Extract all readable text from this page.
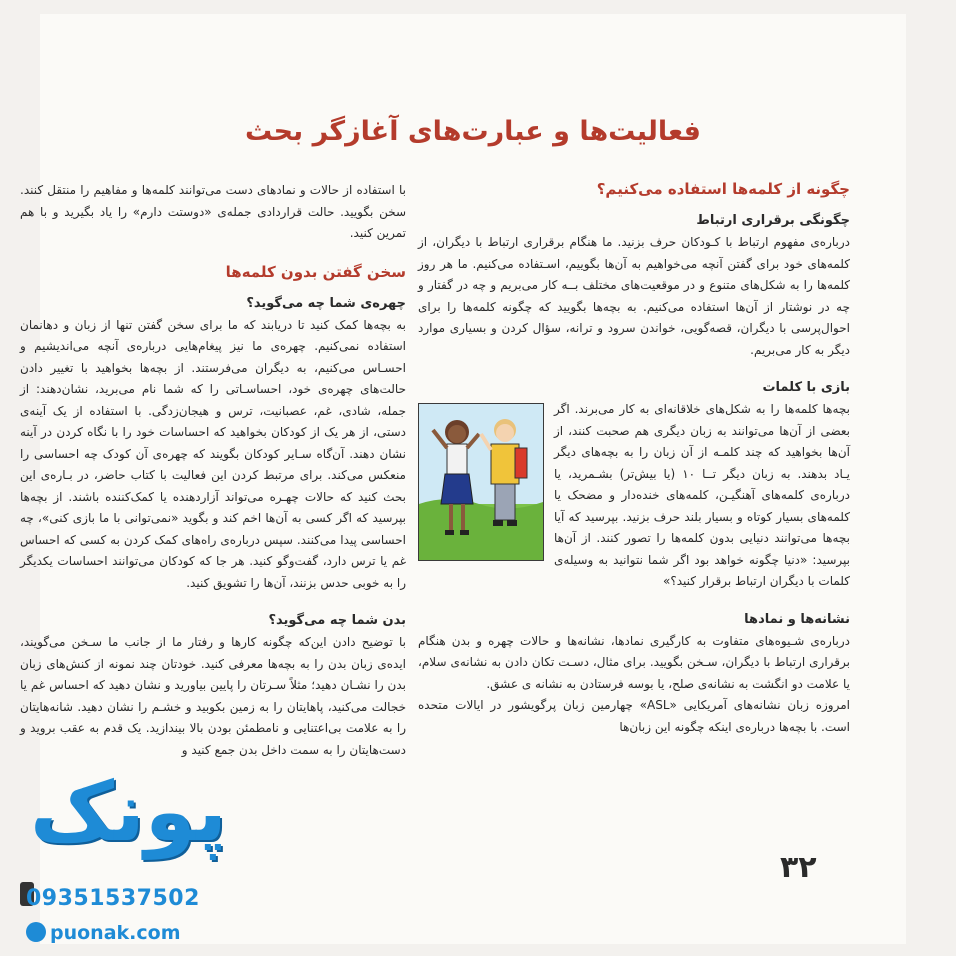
فعالیت‌ها و عبارت‌های آغازگر بحث
چگونه از کلمه‌ها استفاده می‌کنیم؟
چگونگی برقراری ارتباط

درباره‌ی مفهوم ارتباط با کـودکان حرف بزنید. ما هنگام برقراری ارتباط با دیگران، از کلمه‌های خود برای گفتن آنچه می‌خواهیم به آن‌ها بگوییم، اسـتفاده می‌کنیم. ما هر روز کلمه‌ها را به شکل‌های متنوع و در موقعیت‌های مختلف بــه کار می‌بریم و چه در گفتار و چه در نوشتار از آن‌ها استفاده می‌کنیم. به بچه‌ها بگویید که چگونه کلمه‌ها را برای احوال‌پرسی با دیگران، قصه‌گویی، خواندن سرود و ترانه، سؤال کردن و بسیاری موارد دیگر به کار می‌بریم.

بازی با کلمات

بچه‌ها کلمه‌ها را به شکل‌های خلاقانه‌ای به کار می‌برند. اگر بعضی از آن‌ها می‌توانند به زبان دیگری هم صحبت کنند، از آن‌ها بخواهید که چند کلمـه از آن زبان را به بچه‌های دیگر یـاد بدهند. به زبان دیگر تــا ۱۰ (یا بیش‌تر) بشـمرید، یا درباره‌ی کلمه‌های آهنگیـن، کلمه‌های خنده‌دار و مضحک یا کلمه‌های بسیار کوتاه و بسیار بلند حرف بزنید. بپرسید که آیا بچه‌ها می‌توانند دنیایی بدون کلمه‌ها را تصور کنند. از آن‌ها بپرسید: «دنیا چگونه خواهد بود اگر شما نتوانید به وسیله‌ی کلمات با دیگران ارتباط برقرار کنید؟»

نشانه‌ها و نمادها

درباره‌ی شـیوه‌های متفاوت به کارگیری نمادها، نشانه‌ها و حالات چهره و بدن هنگام برقراری ارتباط با دیگران، سـخن بگویید. برای مثال، دسـت تکان دادن به نشانه‌ی سلام، یا علامت دو انگشت به نشانه‌ی صلح، یا بوسه فرستادن به نشانه ی عشق.

امروزه زبان نشانه‌های آمریکایی «ASL» چهارمین زبان پرگویشور در ایالات متحده است. با بچه‌ها درباره‌ی اینکه چگونه این زبان‌ها

با استفاده از حالات و نمادهای دست می‌توانند کلمه‌ها و مفاهیم را منتقل کنند. سخن بگویید. حالت قراردادی جمله‌ی «دوستت دارم» را یاد بگیرید و با هم تمرین کنید.

سخن گفتن بدون کلمه‌ها
چهره‌ی شما چه می‌گوید؟

به بچه‌ها کمک کنید تا دریابند که ما برای سخن گفتن تنها از زبان و دهانمان استفاده نمی‌کنیم. چهره‌ی ما نیز پیغام‌هایی درباره‌ی آنچه می‌اندیشیم و احسـاس می‌کنیم، به دیگران می‌فرستند. از بچه‌ها بخواهید با تغییر دادن حالت‌های چهره‌ی خود، احساسـاتی را که شما نام می‌برید، نشان‌دهند: از جمله، شادی، غم، عصبانیت، ترس و هیجان‌زدگی. با استفاده از یک آینه‌ی دستی، از هر یک از کودکان بخواهید که احساسات خود را با نگاه کردن در آینه نشان دهند. آن‌گاه سـایر کودکان بگویند که چهره‌ی آن کودک چه احساسی را منعکس می‌کند. برای مرتبط کردن این فعالیت با کتاب حاضر، در بـاره‌ی این بحث کنید که حالات چهـره می‌تواند آزاردهنده یا کمک‌کننده باشند. از بچه‌ها بپرسید که اگر کسی به آن‌ها اخم کند و بگوید «نمی‌توانی با ما بازی کنی»، چه احساسی پیدا می‌کنند. سپس درباره‌ی راه‌های کمک کردن به کسی که احساس غم یا ترس دارد، گفت‌وگو کنید. هر جا که کودکان می‌توانند احساسات یکدیگر را به خوبی حدس بزنند، آن‌ها را تشویق کنید.

بدن شما چه می‌گوید؟

با توضیح دادن این‌که چگونه کارها و رفتار ما از جانب ما سـخن می‌گویند، ایده‌ی زبان بدن را به بچه‌ها معرفی کنید. خودتان چند نمونه از کنش‌های زبان بدن را نشـان دهید؛ مثلاً سـرتان را پایین بیاورید و نشان دهید که احساس غم یا خجالت می‌کنید، پاهایتان را به زمین بکوبید و خشـم را نشان دهید. شانه‌هایتان را به علامت بی‌اعتنایی و نامطمئن بودن بالا بیندازید. یک قدم به عقب بروید و دست‌هایتان را به سمت داخل بدن جمع کنید و

۳۲
پونک
09351537502
puonak.com
